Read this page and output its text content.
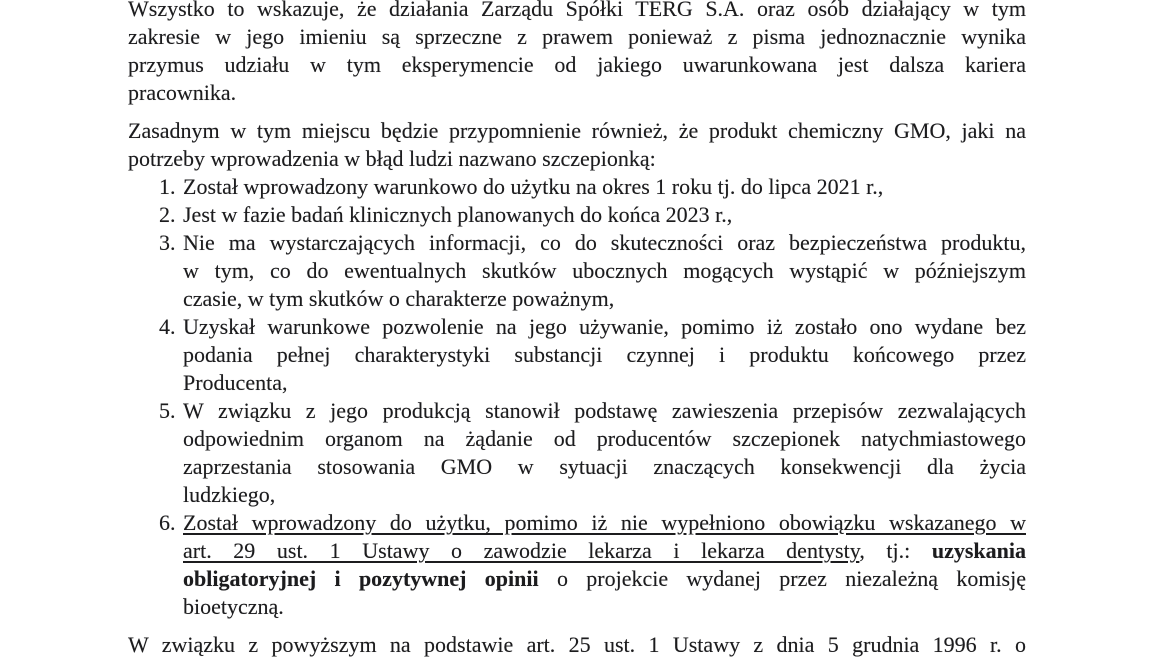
Wszystko to wskazuje, że działania Zarządu Spółki TERG S.A. oraz osób działający w tym
zakresie w jego imieniu są sprzeczne z prawem ponieważ z pisma jednoznacznie wynika
przymus udziału w tym eksperymencie od jakiego uwarunkowana jest dalsza kariera
pracownika.
Zasadnym w tym miejscu będzie przypomnienie również, że produkt chemiczny GMO, jaki na
potrzeby wprowadzenia w błąd ludzi nazwano szczepionką:
1. Został wprowadzony warunkowo do użytku na okres 1 roku tj. do lipca 2021 r.,
2. Jest w fazie badań klinicznych planowanych do końca 2023 r.,
3. Nie ma wystarczających informacji, co do skuteczności oraz bezpieczeństwa produktu,
w tym, co do ewentualnych skutków ubocznych mogących wystąpić w późniejszym
czasie, w tym skutków o charakterze poważnym,
4. Uzyskał warunkowe pozwolenie na jego używanie, pomimo iż zostało ono wydane bez
podania pełnej charakterystyki substancji czynnej i produktu końcowego przez
Producenta,
5. W związku z jego produkcją stanowił podstawę zawieszenia przepisów zezwalających
odpowiednim organom na żądanie od producentów szczepionek natychmiastowego
zaprzestania stosowania GMO w sytuacji znaczących konsekwencji dla życia
ludzkiego,
6. Został wprowadzony do użytku, pomimo iż nie wypełniono obowiązku wskazanego w
art. 29 ust. 1 Ustawy o zawodzie lekarza i lekarza dentysty, tj.: uzyskania
obligatoryjnej i pozytywnej opinii o projekcie wydanej przez niezależną komisję
bioetyczną.
W związku z powyższym na podstawie art. 25 ust. 1 Ustawy z dnia 5 grudnia 1996 r. o
